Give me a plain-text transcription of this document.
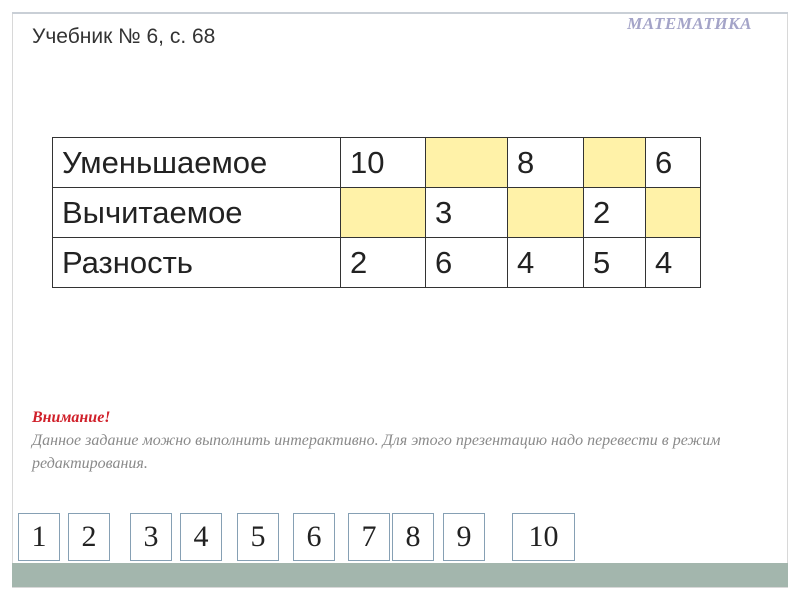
МАТЕМАТИКА
Учебник № 6, с. 68
Уменьшаемое	10		8		6
Вычитаемое		3		2	
Разность	2	6	4	5	4
Внимание!
Данное задание можно выполнить интерактивно. Для этого презентацию надо перевести в режим редактирования.
1	2	3	4	5	6	7 8	9	10
